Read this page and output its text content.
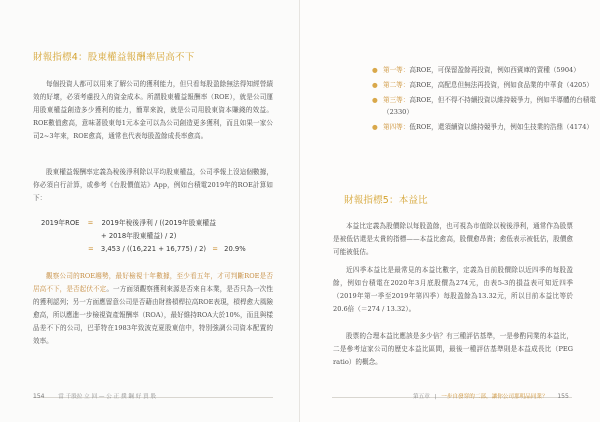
財報指標4：股東權益報酬率居高不下

每個投資人都可以用來了解公司的獲利能力，但只看每股盈餘無法得知經營績效的好壞，必須考慮投入的資金成本。所謂股東權益報酬率（ROE），就是公司運用股東權益創造多少獲利的能力，簡單來說，就是公司用股東資本賺錢的效益。ROE數值愈高，意味著股東每1元本金可以為公司創造更多獲利，而且如果一家公司2~3年來，ROE愈高，通常也代表每股盈餘成長率愈高。

股東權益報酬率定義為稅後淨利除以平均股東權益，公司季報上沒這個數據，你必須自行計算，或參考《台股價值站》App，例如台積電2019年的ROE計算如下：

2019年ROE = 2019年稅後淨利 / ((2019年股東權益
+ 2018年股東權益) / 2)
= 3,453 / ((16,221 + 16,775) / 2) = 20.9%

觀察公司的ROE趨勢，最好檢視十年數據，至少看五年，才可判斷ROE是否居高不下，是否起伏不定。一方面須觀察獲利來源是否來自本業，是否只為一次性的獲利認列；另一方面應留意公司是否藉由財務槓桿拉高ROE表現，槓桿愈大風險愈高，所以應進一步檢視資產報酬率（ROA），最好維持ROA大於10%，而且與樣品差不下的公司，巴菲特在1983年致波克夏股東信中，特別強調公司資本配置的效率。

154 當 千股拉 立 回 — 公 正 撲 鋼 好 買 股	第五章 | 一步自發穿的二部，讓你公司那明品同業？ 155
● 第一等：高ROE，可保留盈餘再投資，例如西賓庫的賣種（5904）
● 第二等：高ROE，高配息但無法再投資，例如食品業的中華食（4205）
● 第三等：高ROE，但不得不持續投資以維持競爭力，例如半導體的台積電（2330）
● 第四等：低ROE，還須續資以維持競爭力，例如生技業的浩鼎（4174）
財報指標5：本益比

本益比定義為股價除以每股盈餘，也可視為市值除以稅後淨利，通常作為股票是被低估還是太貴的指標——本益比愈高，股價愈昂貴；愈低表示被低估，股價愈可能被低估。

近四季本益比是最常見的本益比數字，定義為目前股價除以近四季的每股盈餘，例如台積電在2020年3月底股價為274元，由表5-3的損益表可知近四季（2019年第一季至2019年第四季）每股盈餘為13.32元，所以目前本益比等於20.6倍（＝274 / 13.32）。

股票的合理本益比應該是多少倍？有三種評估基準，一是參酌同業的本益比，二是參考這家公司的歷史本益比區間，最後一種評估基準則是本益成長比（PEG ratio）的概念。
